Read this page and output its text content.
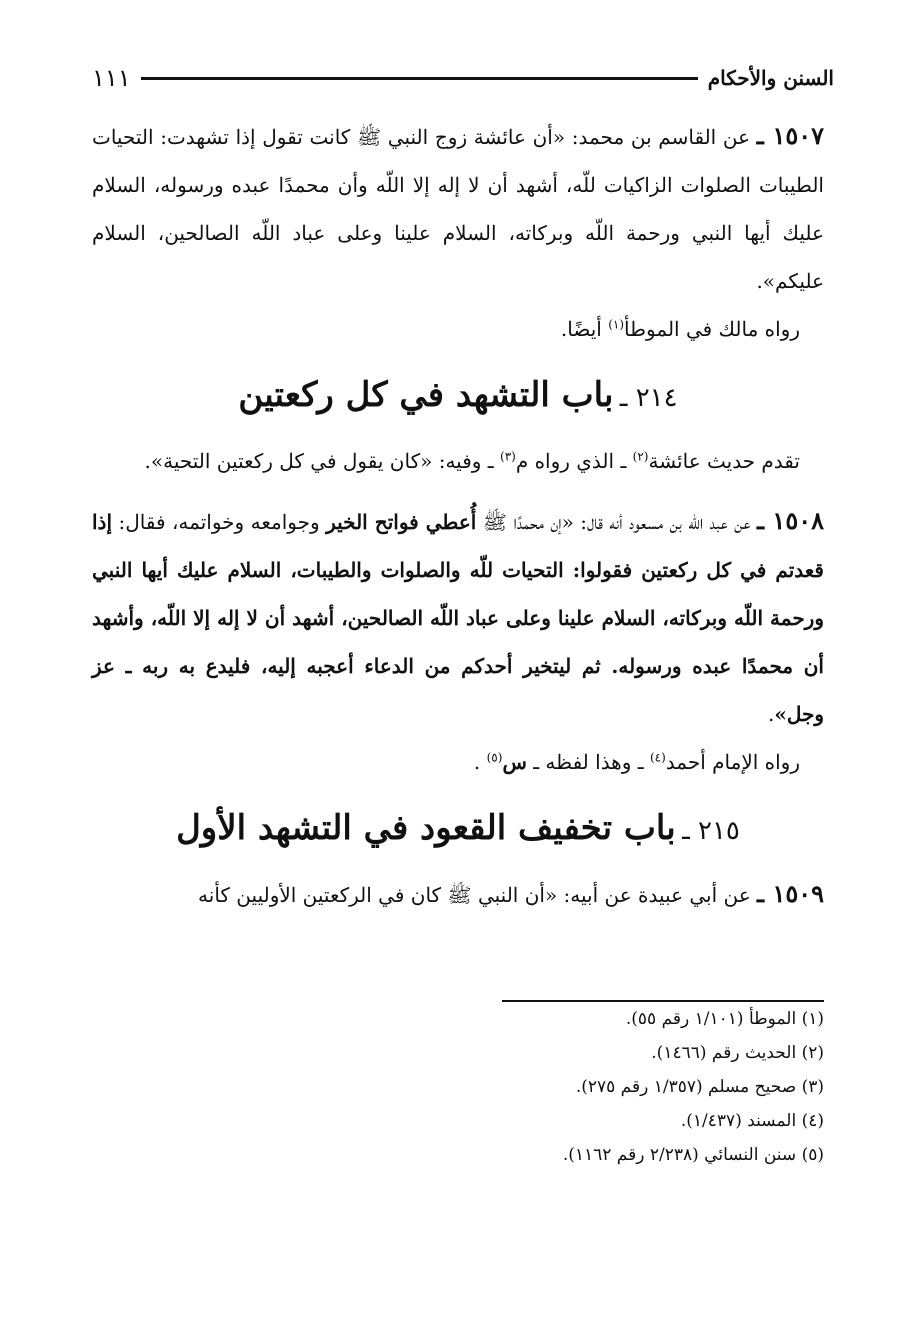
السنن والأحكام
١١١

١٥٠٧ ـ عن القاسم بن محمد: «أن عائشة زوج النبي ﷺ كانت تقول إذا تشهدت: التحيات الطيبات الصلوات الزاكيات للّه، أشهد أن لا إله إلا اللّه وأن محمدًا عبده ورسوله، السلام عليك أيها النبي ورحمة اللّه وبركاته، السلام علينا وعلى عباد اللّه الصالحين، السلام عليكم».

رواه مالك في الموطأ$^{(١)}$ أيضًا.

٢١٤ ـ باب التشهد في كل ركعتين

تقدم حديث عائشة$^{(٢)}$ ـ الذي رواه م$^{(٣)}$ ـ وفيه: «كان يقول في كل ركعتين التحية».

١٥٠٨ ـ عن عبد اللّه بن مسعود أنه قال: «إن محمدًا ﷺ أُعطي فواتح الخير وجوامعه وخواتمه، فقال: إذا قعدتم في كل ركعتين فقولوا: التحيات للّه والصلوات والطيبات، السلام عليك أيها النبي ورحمة اللّه وبركاته، السلام علينا وعلى عباد اللّه الصالحين، أشهد أن لا إله إلا اللّه، وأشهد أن محمدًا عبده ورسوله. ثم ليتخير أحدكم من الدعاء أعجبه إليه، فليدع به ربه ـ عز وجل».

رواه الإمام أحمد$^{(٤)}$ ـ وهذا لفظه ـ س$^{(٥)}$ .

٢١٥ ـ باب تخفيف القعود في التشهد الأول

١٥٠٩ ـ عن أبي عبيدة عن أبيه: «أن النبي ﷺ كان في الركعتين الأوليين كأنه

(١) الموطأ (١/١٠١ رقم ٥٥).

(٢) الحديث رقم (١٤٦٦).

(٣) صحيح مسلم (١/٣٥٧ رقم ٢٧٥).

(٤) المسند (١/٤٣٧).

(٥) سنن النسائي (٢/٢٣٨ رقم ١١٦٢).
